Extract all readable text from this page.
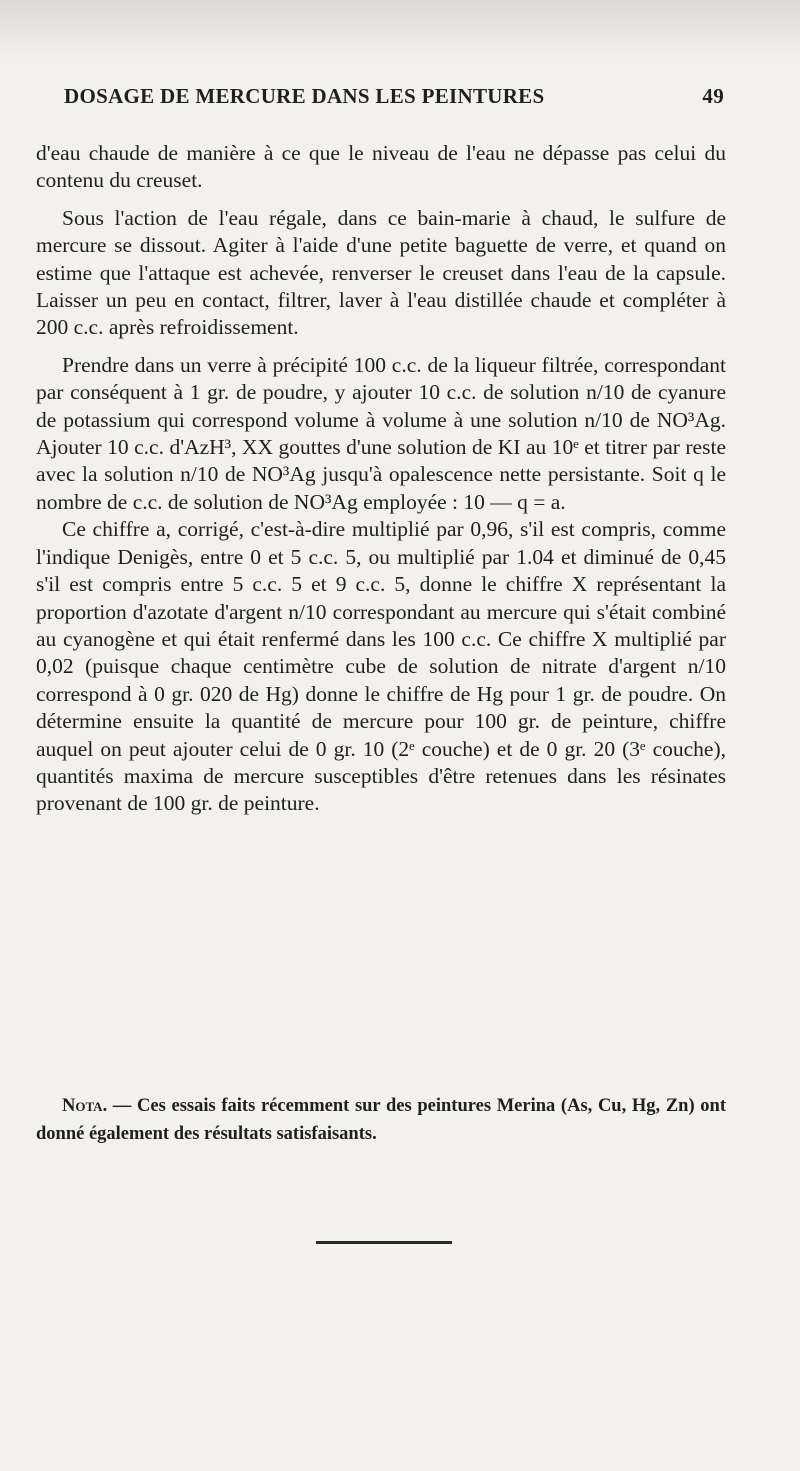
DOSAGE DE MERCURE DANS LES PEINTURES	49

d'eau chaude de manière à ce que le niveau de l'eau ne dépasse pas celui du contenu du creuset.

Sous l'action de l'eau régale, dans ce bain-marie à chaud, le sulfure de mercure se dissout. Agiter à l'aide d'une petite baguette de verre, et quand on estime que l'attaque est achevée, renverser le creuset dans l'eau de la capsule. Laisser un peu en contact, filtrer, laver à l'eau distillée chaude et compléter à 200 c.c. après refroidissement.

Prendre dans un verre à précipité 100 c.c. de la liqueur filtrée, correspondant par conséquent à 1 gr. de poudre, y ajouter 10 c.c. de solution n/10 de cyanure de potassium qui correspond volume à volume à une solution n/10 de NO³Ag. Ajouter 10 c.c. d'AzH³, XX gouttes d'une solution de KI au 10ᵉ et titrer par reste avec la solution n/10 de NO³Ag jusqu'à opalescence nette persistante. Soit q le nombre de c.c. de solution de NO³Ag employée : 10 — q = a.

Ce chiffre a, corrigé, c'est-à-dire multiplié par 0,96, s'il est compris, comme l'indique Denigès, entre 0 et 5 c.c. 5, ou multiplié par 1.04 et diminué de 0,45 s'il est compris entre 5 c.c. 5 et 9 c.c. 5, donne le chiffre X représentant la proportion d'azotate d'argent n/10 correspondant au mercure qui s'était combiné au cyanogène et qui était renfermé dans les 100 c.c. Ce chiffre X multiplié par 0,02 (puisque chaque centimètre cube de solution de nitrate d'argent n/10 correspond à 0 gr. 020 de Hg) donne le chiffre de Hg pour 1 gr. de poudre. On détermine ensuite la quantité de mercure pour 100 gr. de peinture, chiffre auquel on peut ajouter celui de 0 gr. 10 (2ᵉ couche) et de 0 gr. 20 (3ᵉ couche), quantités maxima de mercure susceptibles d'être retenues dans les résinates provenant de 100 gr. de peinture.

Nota. — Ces essais faits récemment sur des peintures Merina (As, Cu, Hg, Zn) ont donné également des résultats satisfaisants.
